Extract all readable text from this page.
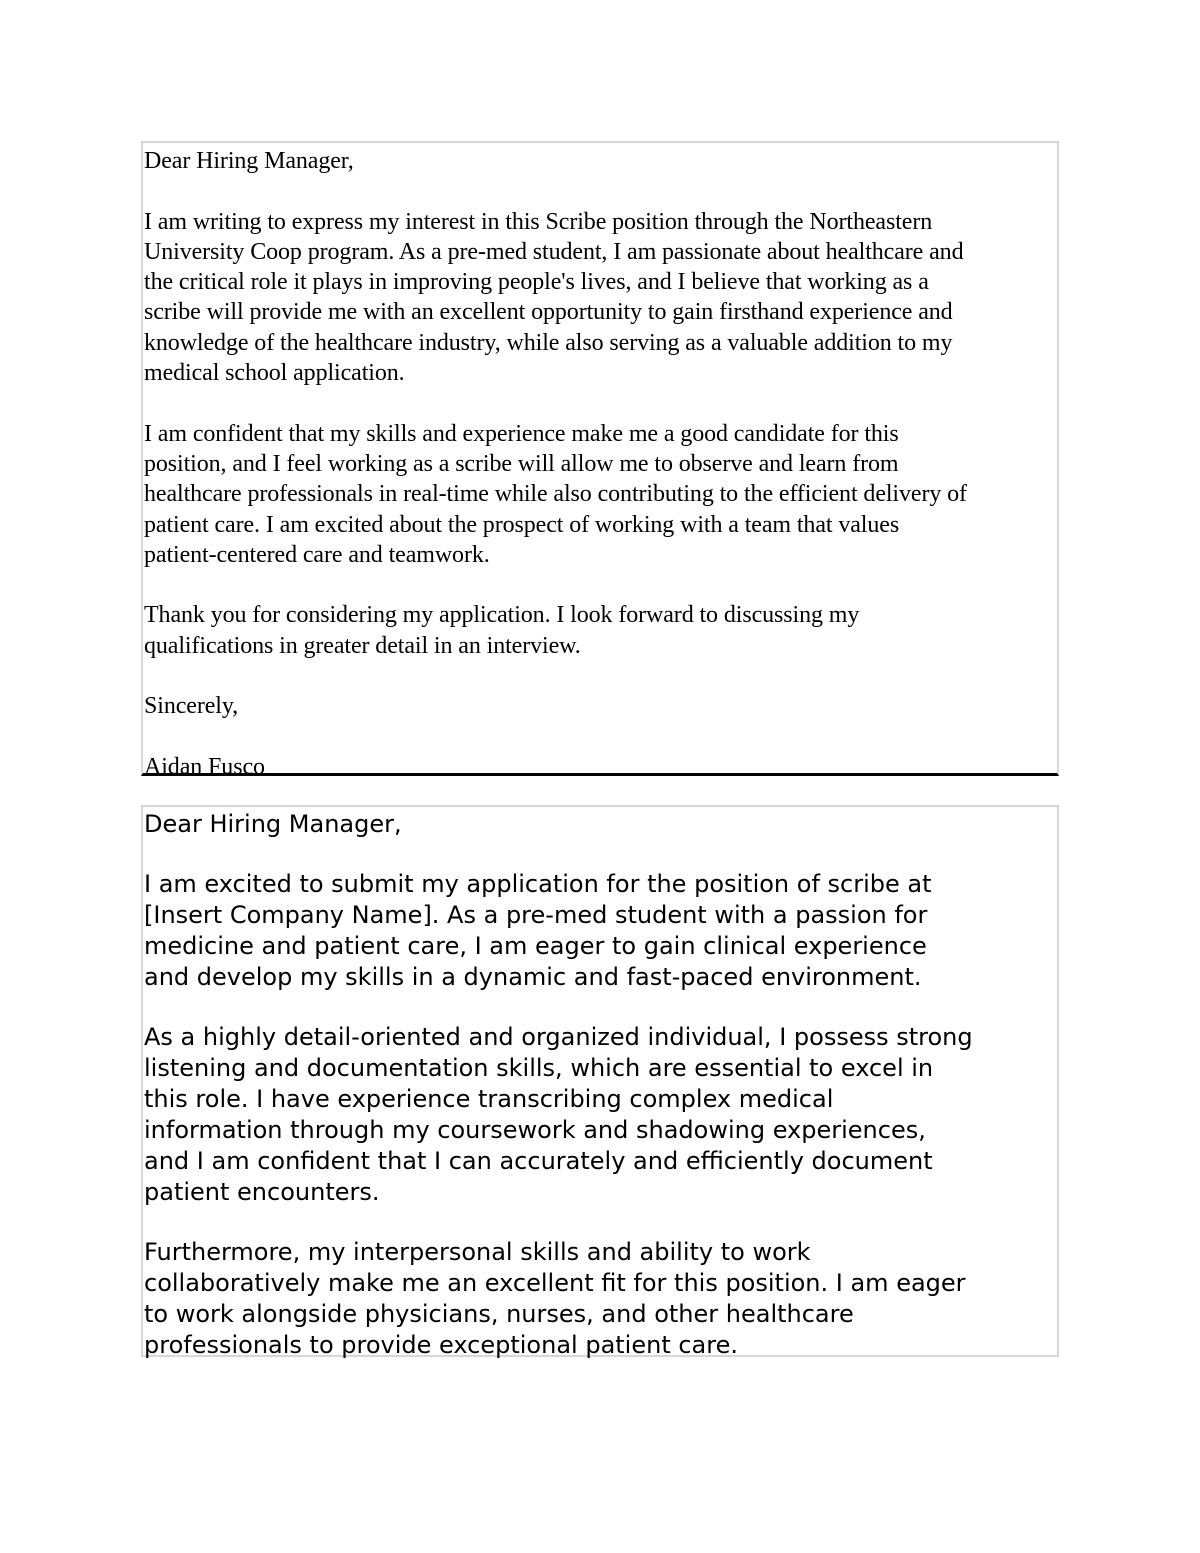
Dear Hiring Manager,

I am writing to express my interest in this Scribe position through the Northeastern
University Coop program. As a pre-med student, I am passionate about healthcare and
the critical role it plays in improving people's lives, and I believe that working as a
scribe will provide me with an excellent opportunity to gain firsthand experience and
knowledge of the healthcare industry, while also serving as a valuable addition to my
medical school application.

I am confident that my skills and experience make me a good candidate for this
position, and I feel working as a scribe will allow me to observe and learn from
healthcare professionals in real-time while also contributing to the efficient delivery of
patient care. I am excited about the prospect of working with a team that values
patient-centered care and teamwork.

Thank you for considering my application. I look forward to discussing my
qualifications in greater detail in an interview.

Sincerely,

Aidan Fusco

Dear Hiring Manager,

I am excited to submit my application for the position of scribe at
[Insert Company Name]. As a pre-med student with a passion for
medicine and patient care, I am eager to gain clinical experience
and develop my skills in a dynamic and fast-paced environment.

As a highly detail-oriented and organized individual, I possess strong
listening and documentation skills, which are essential to excel in
this role. I have experience transcribing complex medical
information through my coursework and shadowing experiences,
and I am confident that I can accurately and efficiently document
patient encounters.

Furthermore, my interpersonal skills and ability to work
collaboratively make me an excellent fit for this position. I am eager
to work alongside physicians, nurses, and other healthcare
professionals to provide exceptional patient care.
